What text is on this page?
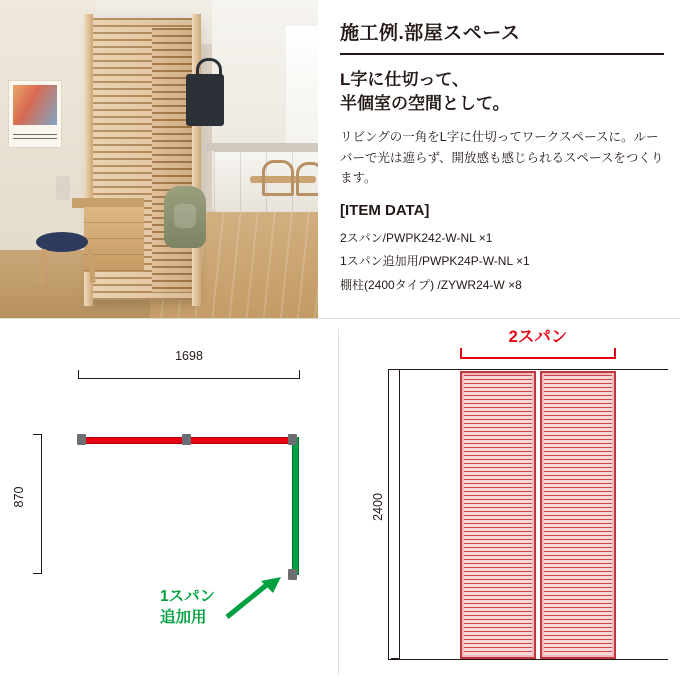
施工例.部屋スペース
L字に仕切って、
半個室の空間として。
リビングの一角をL字に仕切ってワークスペースに。ルーバーで光は遮らず、開放感も感じられるスペースをつくります。
[ITEM DATA]
2スパン/PWPK242-W-NL ×1
1スパン追加用/PWPK24P-W-NL ×1
棚柱(2400タイプ) /ZYWR24-W ×8
1698
870
1スパン
追加用
2スパン
2400
